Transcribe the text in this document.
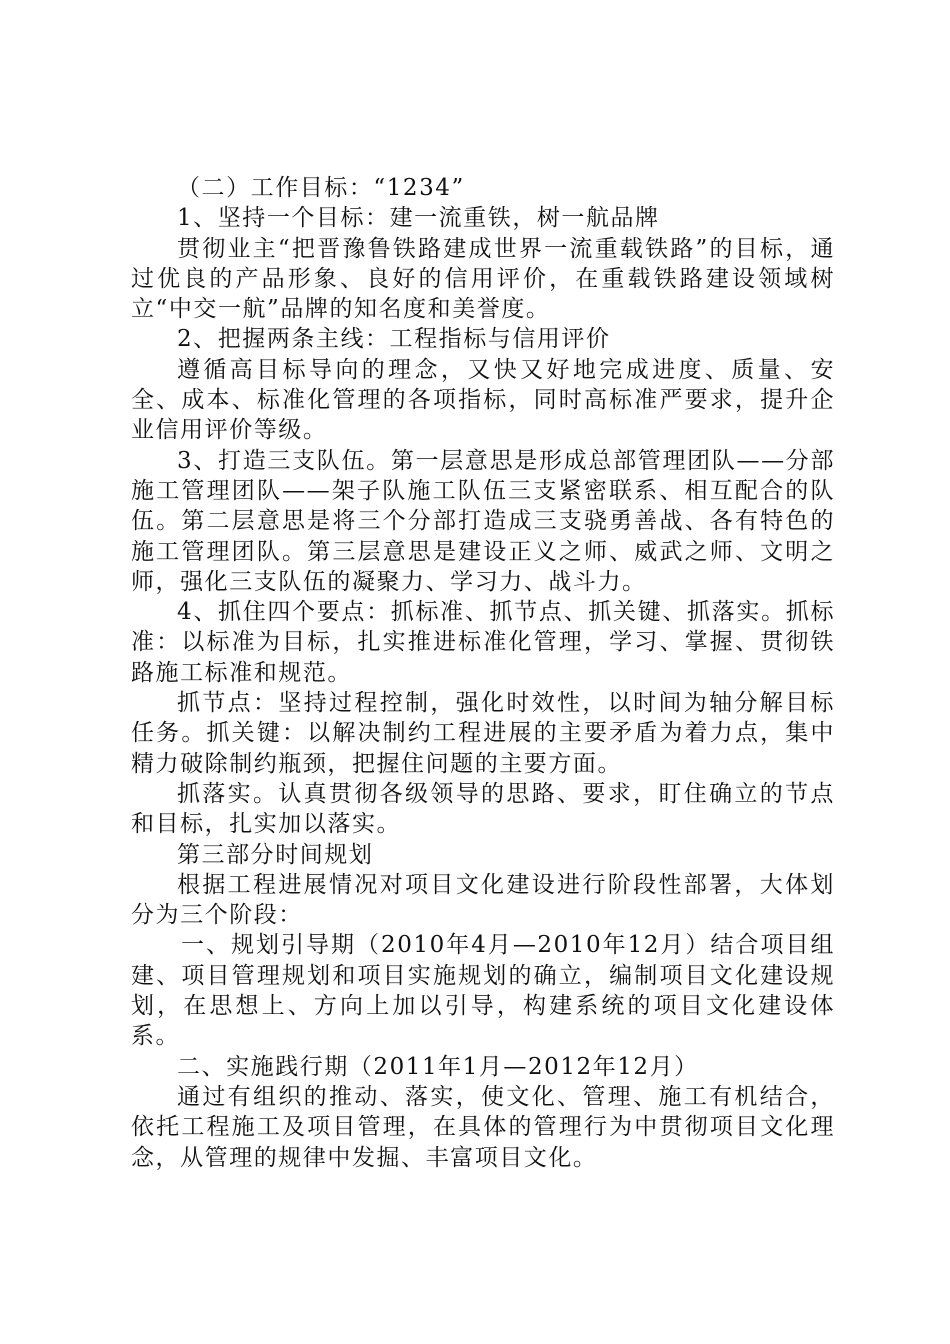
（二）工作目标：“1234”

1、坚持一个目标：建一流重铁，树一航品牌

贯彻业主“把晋豫鲁铁路建成世界一流重载铁路”的目标，通过优良的产品形象、良好的信用评价，在重载铁路建设领域树立“中交一航”品牌的知名度和美誉度。

2、把握两条主线：工程指标与信用评价

遵循高目标导向的理念，又快又好地完成进度、质量、安全、成本、标准化管理的各项指标，同时高标准严要求，提升企业信用评价等级。

3、打造三支队伍。第一层意思是形成总部管理团队——分部施工管理团队——架子队施工队伍三支紧密联系、相互配合的队伍。第二层意思是将三个分部打造成三支骁勇善战、各有特色的施工管理团队。第三层意思是建设正义之师、威武之师、文明之师，强化三支队伍的凝聚力、学习力、战斗力。

4、抓住四个要点：抓标准、抓节点、抓关键、抓落实。抓标准：以标准为目标，扎实推进标准化管理，学习、掌握、贯彻铁路施工标准和规范。

抓节点：坚持过程控制，强化时效性，以时间为轴分解目标任务。抓关键：以解决制约工程进展的主要矛盾为着力点，集中精力破除制约瓶颈，把握住问题的主要方面。

抓落实。认真贯彻各级领导的思路、要求，盯住确立的节点和目标，扎实加以落实。

第三部分时间规划

根据工程进展情况对项目文化建设进行阶段性部署，大体划分为三个阶段：

一、规划引导期（2010年4月—2010年12月）结合项目组建、项目管理规划和项目实施规划的确立，编制项目文化建设规划，在思想上、方向上加以引导，构建系统的项目文化建设体系。

二、实施践行期（2011年1月—2012年12月）

通过有组织的推动、落实，使文化、管理、施工有机结合，依托工程施工及项目管理，在具体的管理行为中贯彻项目文化理念，从管理的规律中发掘、丰富项目文化。
